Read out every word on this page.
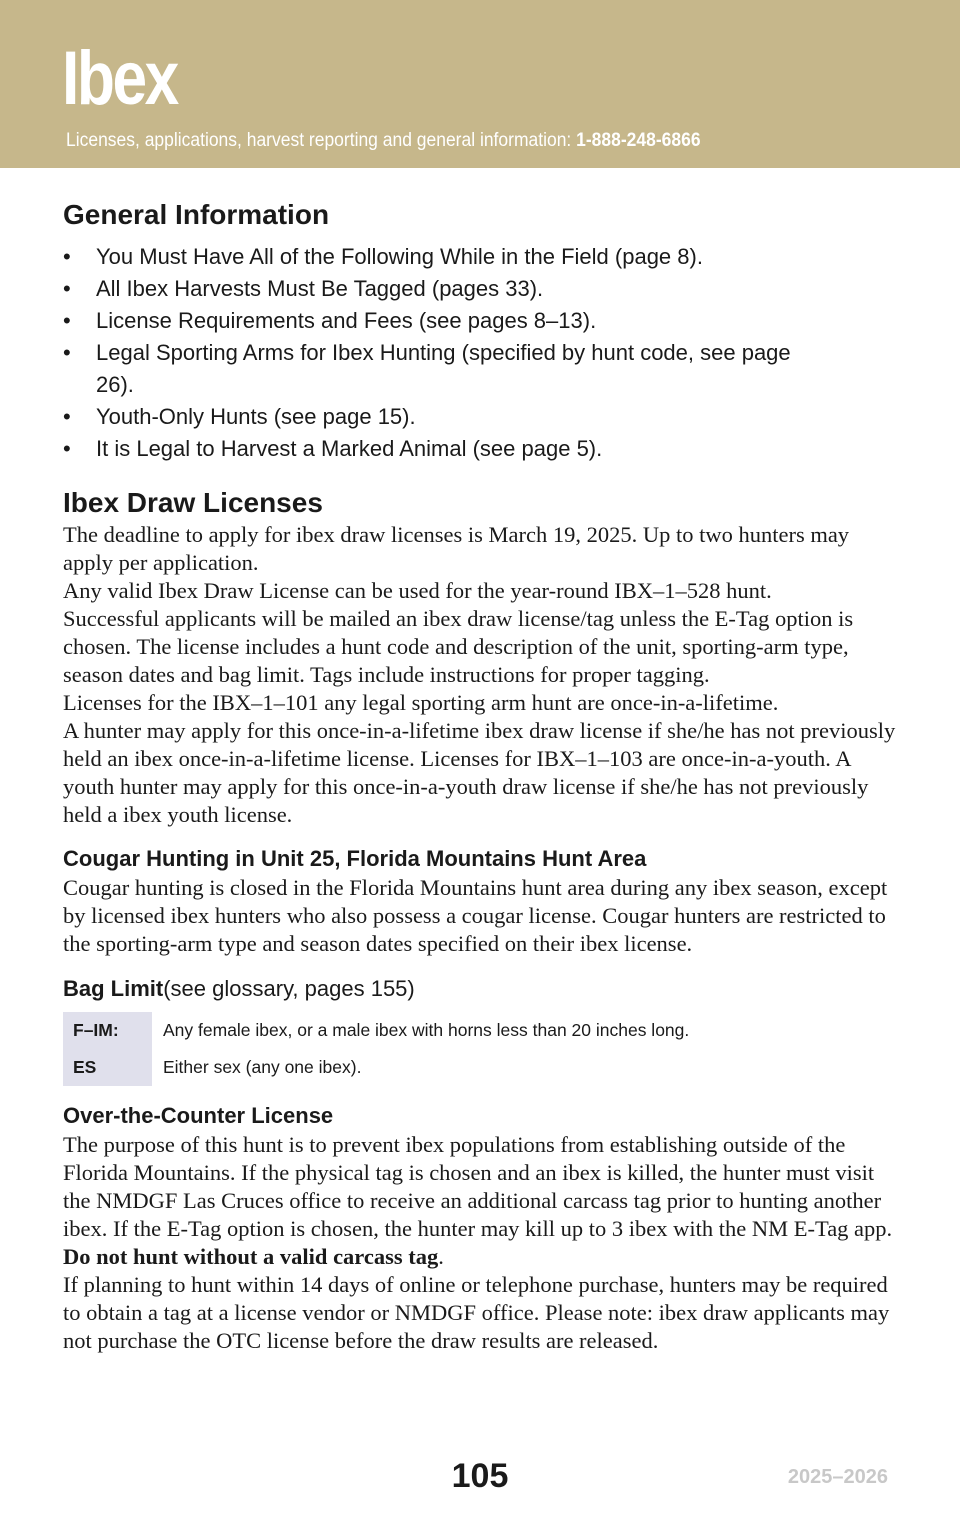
Ibex
Licenses, applications, harvest reporting and general information: 1-888-248-6866
General Information
• You Must Have All of the Following While in the Field (page 8).
• All Ibex Harvests Must Be Tagged (pages 33).
• License Requirements and Fees (see pages 8–13).
• Legal Sporting Arms for Ibex Hunting (specified by hunt code, see page 26).
• Youth-Only Hunts (see page 15).
• It is Legal to Harvest a Marked Animal (see page 5).
Ibex Draw Licenses

The deadline to apply for ibex draw licenses is March 19, 2025. Up to two hunters may apply per application.

Any valid Ibex Draw License can be used for the year-round IBX–1–528 hunt.

Successful applicants will be mailed an ibex draw license/tag unless the E-Tag option is chosen. The license includes a hunt code and description of the unit, sporting-arm type, season dates and bag limit. Tags include instructions for proper tagging.

Licenses for the IBX–1–101 any legal sporting arm hunt are once-in-a-lifetime.

A hunter may apply for this once-in-a-lifetime ibex draw license if she/he has not previously held an ibex once-in-a-lifetime license. Licenses for IBX–1–103 are once-in-a-youth. A youth hunter may apply for this once-in-a-youth draw license if she/he has not previously held a ibex youth license.

Cougar Hunting in Unit 25, Florida Mountains Hunt Area

Cougar hunting is closed in the Florida Mountains hunt area during any ibex season, except by licensed ibex hunters who also possess a cougar license. Cougar hunters are restricted to the sporting-arm type and season dates specified on their ibex license.

Bag Limit(see glossary, pages 155)

F–IM:	Any female ibex, or a male ibex with horns less than 20 inches long.
ES	Either sex (any one ibex).
Over-the-Counter License

The purpose of this hunt is to prevent ibex populations from establishing outside of the Florida Mountains. If the physical tag is chosen and an ibex is killed, the hunter must visit the NMDGF Las Cruces office to receive an additional carcass tag prior to hunting another ibex. If the E-Tag option is chosen, the hunter may kill up to 3 ibex with the NM E-Tag app. Do not hunt without a valid carcass tag.

If planning to hunt within 14 days of online or telephone purchase, hunters may be required to obtain a tag at a license vendor or NMDGF office. Please note: ibex draw applicants may not purchase the OTC license before the draw results are released.

105	2025–2026
